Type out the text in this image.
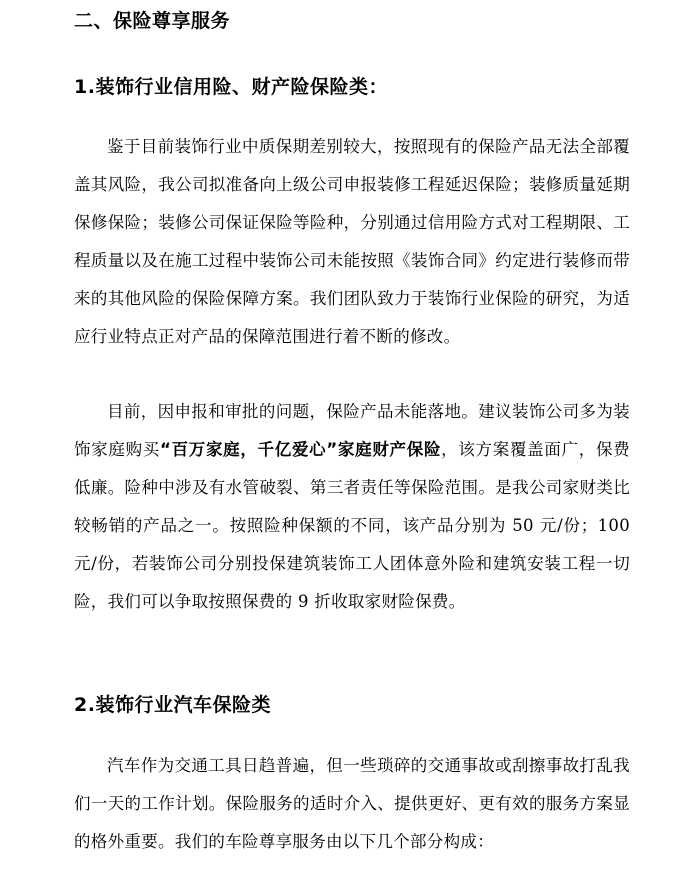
二、保险尊享服务
1.装饰行业信用险、财产险保险类：
鉴于目前装饰行业中质保期差别较大，按照现有的保险产品无法全部覆盖其风险，我公司拟准备向上级公司申报装修工程延迟保险；装修质量延期保修保险；装修公司保证保险等险种，分别通过信用险方式对工程期限、工程质量以及在施工过程中装饰公司未能按照《装饰合同》约定进行装修而带来的其他风险的保险保障方案。我们团队致力于装饰行业保险的研究，为适应行业特点正对产品的保障范围进行着不断的修改。
目前，因申报和审批的问题，保险产品未能落地。建议装饰公司多为装饰家庭购买“百万家庭，千亿爱心”家庭财产保险，该方案覆盖面广，保费低廉。险种中涉及有水管破裂、第三者责任等保险范围。是我公司家财类比较畅销的产品之一。按照险种保额的不同，该产品分别为 50 元/份；100 元/份，若装饰公司分别投保建筑装饰工人团体意外险和建筑安装工程一切险，我们可以争取按照保费的 9 折收取家财险保费。
2.装饰行业汽车保险类
汽车作为交通工具日趋普遍，但一些琐碎的交通事故或刮擦事故打乱我们一天的工作计划。保险服务的适时介入、提供更好、更有效的服务方案显的格外重要。我们的车险尊享服务由以下几个部分构成：
